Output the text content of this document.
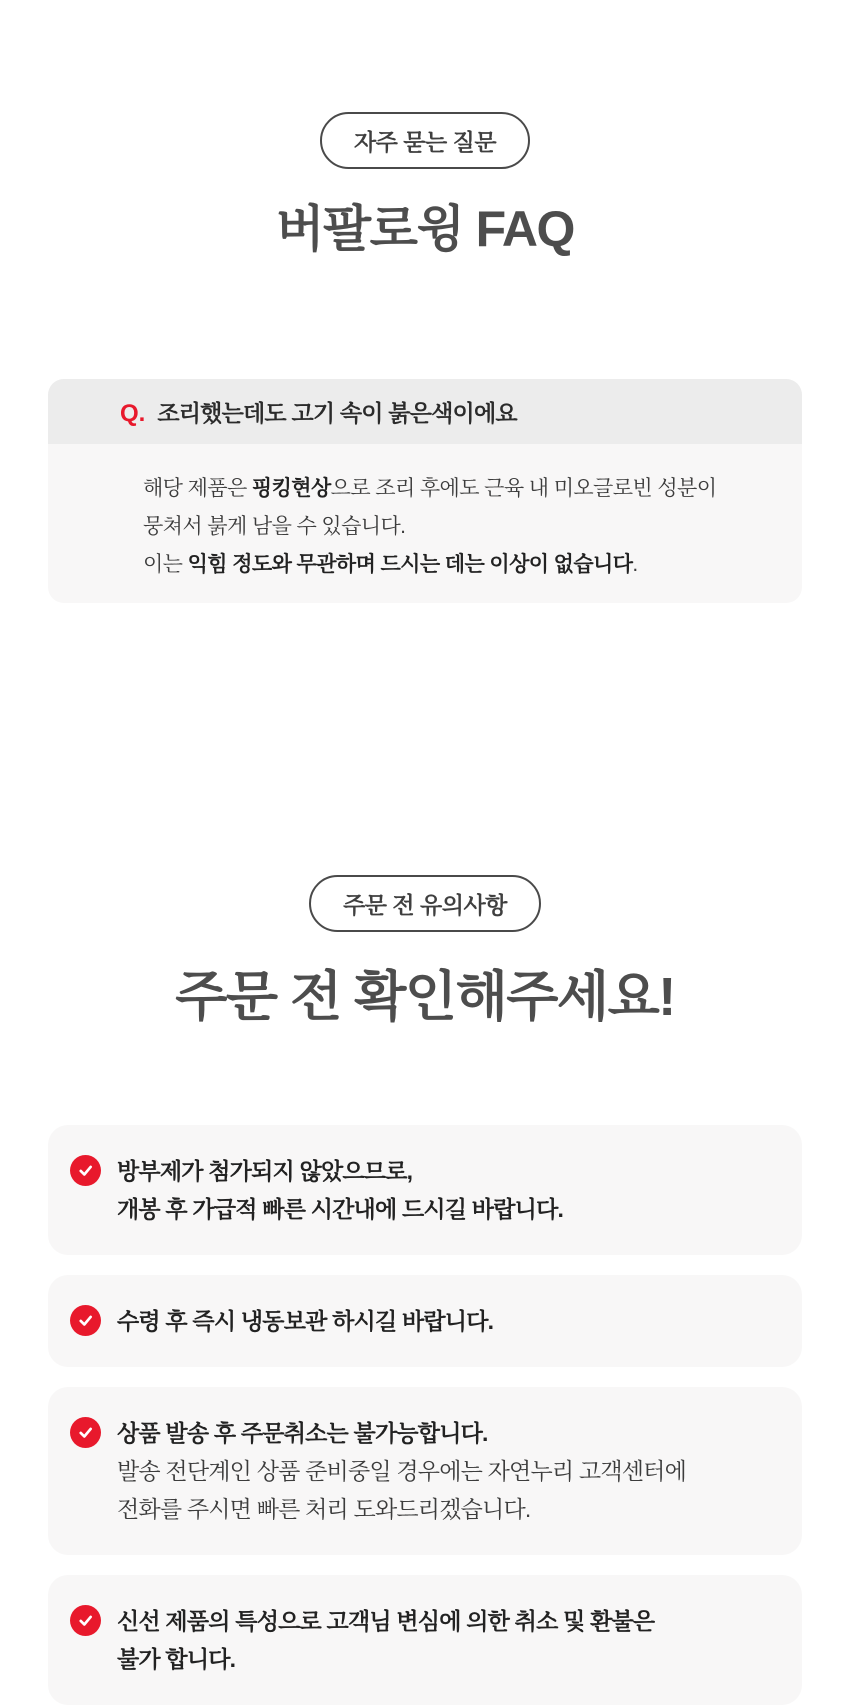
자주 묻는 질문
버팔로윙 FAQ
Q. 조리했는데도 고기 속이 붉은색이에요
해당 제품은 핑킹현상으로 조리 후에도 근육 내 미오글로빈 성분이
뭉쳐서 붉게 남을 수 있습니다.
이는 익힘 정도와 무관하며 드시는 데는 이상이 없습니다.
주문 전 유의사항
주문 전 확인해주세요!
방부제가 첨가되지 않았으므로,
개봉 후 가급적 빠른 시간내에 드시길 바랍니다.
수령 후 즉시 냉동보관 하시길 바랍니다.
상품 발송 후 주문취소는 불가능합니다.
발송 전단계인 상품 준비중일 경우에는 자연누리 고객센터에
전화를 주시면 빠른 처리 도와드리겠습니다.
신선 제품의 특성으로 고객님 변심에 의한 취소 및 환불은
불가 합니다.
